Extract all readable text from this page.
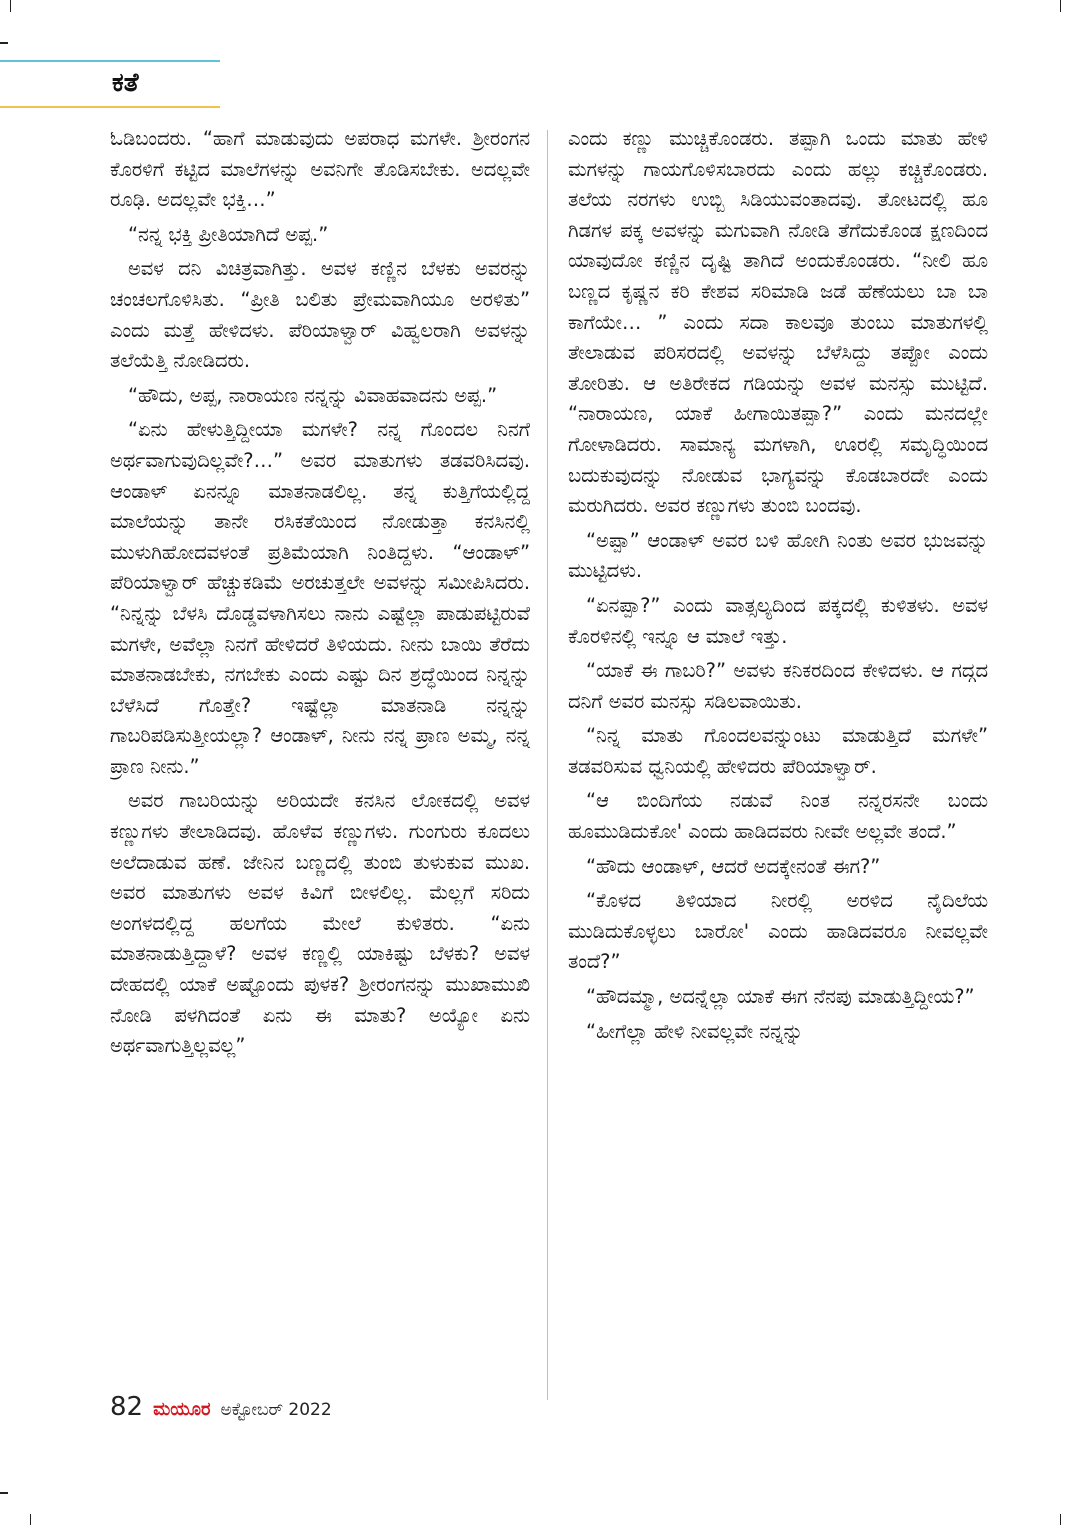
ಕತೆ

ಓಡಿಬಂದರು. “ಹಾಗೆ ಮಾಡುವುದು ಅಪರಾಧ ಮಗಳೇ. ಶ್ರೀರಂಗನ ಕೊರಳಿಗೆ ಕಟ್ಟಿದ ಮಾಲೆಗಳನ್ನು ಅವನಿಗೇ ತೊಡಿಸಬೇಕು. ಅದಲ್ಲವೇ ರೂಢಿ. ಅದಲ್ಲವೇ ಭಕ್ತಿ…”

“ನನ್ನ ಭಕ್ತಿ ಪ್ರೀತಿಯಾಗಿದೆ ಅಪ್ಪ.”

ಅವಳ ದನಿ ವಿಚಿತ್ರವಾಗಿತ್ತು. ಅವಳ ಕಣ್ಣಿನ ಬೆಳಕು ಅವರನ್ನು ಚಂಚಲಗೊಳಿಸಿತು. “ಪ್ರೀತಿ ಬಲಿತು ಪ್ರೇಮವಾಗಿಯೂ ಅರಳಿತು” ಎಂದು ಮತ್ತೆ ಹೇಳಿದಳು. ಪೆರಿಯಾಳ್ವಾರ್ ವಿಹ್ವಲರಾಗಿ ಅವಳನ್ನು ತಲೆಯೆತ್ತಿ ನೋಡಿದರು.

“ಹೌದು, ಅಪ್ಪ, ನಾರಾಯಣ ನನ್ನನ್ನು ವಿವಾಹವಾದನು ಅಪ್ಪ.”

“ಏನು ಹೇಳುತ್ತಿದ್ದೀಯಾ ಮಗಳೇ? ನನ್ನ ಗೊಂದಲ ನಿನಗೆ ಅರ್ಥವಾಗುವುದಿಲ್ಲವೇ?…” ಅವರ ಮಾತುಗಳು ತಡವರಿಸಿದವು. ಆಂಡಾಳ್ ಏನನ್ನೂ ಮಾತನಾಡಲಿಲ್ಲ. ತನ್ನ ಕುತ್ತಿಗೆಯಲ್ಲಿದ್ದ ಮಾಲೆಯನ್ನು ತಾನೇ ರಸಿಕತೆಯಿಂದ ನೋಡುತ್ತಾ ಕನಸಿನಲ್ಲಿ ಮುಳುಗಿಹೋದವಳಂತೆ ಪ್ರತಿಮೆಯಾಗಿ ನಿಂತಿದ್ದಳು. “ಆಂಡಾಳ್” ಪೆರಿಯಾಳ್ವಾರ್ ಹೆಚ್ಚುಕಡಿಮೆ ಅರಚುತ್ತಲೇ ಅವಳನ್ನು ಸಮೀಪಿಸಿದರು. “ನಿನ್ನನ್ನು ಬೆಳಸಿ ದೊಡ್ಡವಳಾಗಿಸಲು ನಾನು ಎಷ್ಟೆಲ್ಲಾ ಪಾಡುಪಟ್ಟಿರುವೆ ಮಗಳೇ, ಅವೆಲ್ಲಾ ನಿನಗೆ ಹೇಳಿದರೆ ತಿಳಿಯದು. ನೀನು ಬಾಯಿ ತೆರೆದು ಮಾತನಾಡಬೇಕು, ನಗಬೇಕು ಎಂದು ಎಷ್ಟು ದಿನ ಶ್ರದ್ಧೆಯಿಂದ ನಿನ್ನನ್ನು ಬೆಳೆಸಿದೆ ಗೊತ್ತೇ? ಇಷ್ಟೆಲ್ಲಾ ಮಾತನಾಡಿ ನನ್ನನ್ನು ಗಾಬರಿಪಡಿಸುತ್ತೀಯಲ್ಲಾ? ಆಂಡಾಳ್, ನೀನು ನನ್ನ ಪ್ರಾಣ ಅಮ್ಮ, ನನ್ನ ಪ್ರಾಣ ನೀನು.”

ಅವರ ಗಾಬರಿಯನ್ನು ಅರಿಯದೇ ಕನಸಿನ ಲೋಕದಲ್ಲಿ ಅವಳ ಕಣ್ಣುಗಳು ತೇಲಾಡಿದವು. ಹೊಳೆವ ಕಣ್ಣುಗಳು. ಗುಂಗುರು ಕೂದಲು ಅಲೆದಾಡುವ ಹಣೆ. ಜೇನಿನ ಬಣ್ಣದಲ್ಲಿ ತುಂಬಿ ತುಳುಕುವ ಮುಖ. ಅವರ ಮಾತುಗಳು ಅವಳ ಕಿವಿಗೆ ಬೀಳಲಿಲ್ಲ. ಮೆಲ್ಲಗೆ ಸರಿದು ಅಂಗಳದಲ್ಲಿದ್ದ ಹಲಗೆಯ ಮೇಲೆ ಕುಳಿತರು. “ಏನು ಮಾತನಾಡುತ್ತಿದ್ದಾಳೆ? ಅವಳ ಕಣ್ಣಲ್ಲಿ ಯಾಕಿಷ್ಟು ಬೆಳಕು? ಅವಳ ದೇಹದಲ್ಲಿ ಯಾಕೆ ಅಷ್ಟೊಂದು ಪುಳಕ? ಶ್ರೀರಂಗನನ್ನು ಮುಖಾಮುಖಿ ನೋಡಿ ಪಳಗಿದಂತೆ ಏನು ಈ ಮಾತು? ಅಯ್ಯೋ ಏನು ಅರ್ಥವಾಗುತ್ತಿಲ್ಲವಲ್ಲ”

ಎಂದು ಕಣ್ಣು ಮುಚ್ಚಿಕೊಂಡರು. ತಪ್ಪಾಗಿ ಒಂದು ಮಾತು ಹೇಳಿ ಮಗಳನ್ನು ಗಾಯಗೊಳಿಸಬಾರದು ಎಂದು ಹಲ್ಲು ಕಚ್ಚಿಕೊಂಡರು. ತಲೆಯ ನರಗಳು ಉಬ್ಬಿ ಸಿಡಿಯುವಂತಾದವು. ತೋಟದಲ್ಲಿ ಹೂ ಗಿಡಗಳ ಪಕ್ಕ ಅವಳನ್ನು ಮಗುವಾಗಿ ನೋಡಿ ತೆಗೆದುಕೊಂಡ ಕ್ಷಣದಿಂದ ಯಾವುದೋ ಕಣ್ಣಿನ ದೃಷ್ಟಿ ತಾಗಿದೆ ಅಂದುಕೊಂಡರು. “ನೀಲಿ ಹೂ ಬಣ್ಣದ ಕೃಷ್ಣನ ಕರಿ ಕೇಶವ ಸರಿಮಾಡಿ ಜಡೆ ಹೆಣೆಯಲು ಬಾ ಬಾ ಕಾಗೆಯೇ… ” ಎಂದು ಸದಾ ಕಾಲವೂ ತುಂಬು ಮಾತುಗಳಲ್ಲಿ ತೇಲಾಡುವ ಪರಿಸರದಲ್ಲಿ ಅವಳನ್ನು ಬೆಳೆಸಿದ್ದು ತಪ್ಪೋ ಎಂದು ತೋರಿತು. ಆ ಅತಿರೇಕದ ಗಡಿಯನ್ನು ಅವಳ ಮನಸ್ಸು ಮುಟ್ಟಿದೆ. “ನಾರಾಯಣ, ಯಾಕೆ ಹೀಗಾಯಿತಪ್ಪಾ?” ಎಂದು ಮನದಲ್ಲೇ ಗೋಳಾಡಿದರು. ಸಾಮಾನ್ಯ ಮಗಳಾಗಿ, ಊರಲ್ಲಿ ಸಮೃದ್ಧಿಯಿಂದ ಬದುಕುವುದನ್ನು ನೋಡುವ ಭಾಗ್ಯವನ್ನು ಕೊಡಬಾರದೇ ಎಂದು ಮರುಗಿದರು. ಅವರ ಕಣ್ಣುಗಳು ತುಂಬಿ ಬಂದವು.

“ಅಪ್ಪಾ” ಆಂಡಾಳ್ ಅವರ ಬಳಿ ಹೋಗಿ ನಿಂತು ಅವರ ಭುಜವನ್ನು ಮುಟ್ಟಿದಳು.

“ಏನಪ್ಪಾ?” ಎಂದು ವಾತ್ಸಲ್ಯದಿಂದ ಪಕ್ಕದಲ್ಲಿ ಕುಳಿತಳು. ಅವಳ ಕೊರಳಿನಲ್ಲಿ ಇನ್ನೂ ಆ ಮಾಲೆ ಇತ್ತು.

“ಯಾಕೆ ಈ ಗಾಬರಿ?” ಅವಳು ಕನಿಕರದಿಂದ ಕೇಳಿದಳು. ಆ ಗದ್ಗದ ದನಿಗೆ ಅವರ ಮನಸ್ಸು ಸಡಿಲವಾಯಿತು.

“ನಿನ್ನ ಮಾತು ಗೊಂದಲವನ್ನುಂಟು ಮಾಡುತ್ತಿದೆ ಮಗಳೇ” ತಡವರಿಸುವ ಧ್ವನಿಯಲ್ಲಿ ಹೇಳಿದರು ಪೆರಿಯಾಳ್ವಾರ್.

“ಆ ಬಿಂದಿಗೆಯ ನಡುವೆ ನಿಂತ ನನ್ನರಸನೇ ಬಂದು ಹೂಮುಡಿದುಕೋ' ಎಂದು ಹಾಡಿದವರು ನೀವೇ ಅಲ್ಲವೇ ತಂದೆ.”

“ಹೌದು ಆಂಡಾಳ್, ಆದರೆ ಅದಕ್ಕೇನಂತೆ ಈಗ?”

“ಕೊಳದ ತಿಳಿಯಾದ ನೀರಲ್ಲಿ ಅರಳಿದ ನೈದಿಲೆಯ ಮುಡಿದುಕೊಳ್ಳಲು ಬಾರೋ' ಎಂದು ಹಾಡಿದವರೂ ನೀವಲ್ಲವೇ ತಂದೆ?”

“ಹೌದಮ್ಮಾ, ಅದನ್ನೆಲ್ಲಾ ಯಾಕೆ ಈಗ ನೆನಪು ಮಾಡುತ್ತಿದ್ದೀಯ?”

“ಹೀಗೆಲ್ಲಾ ಹೇಳಿ ನೀವಲ್ಲವೇ ನನ್ನನ್ನು

82 ಮಯೂರ ಅಕ್ಟೋಬರ್ 2022
